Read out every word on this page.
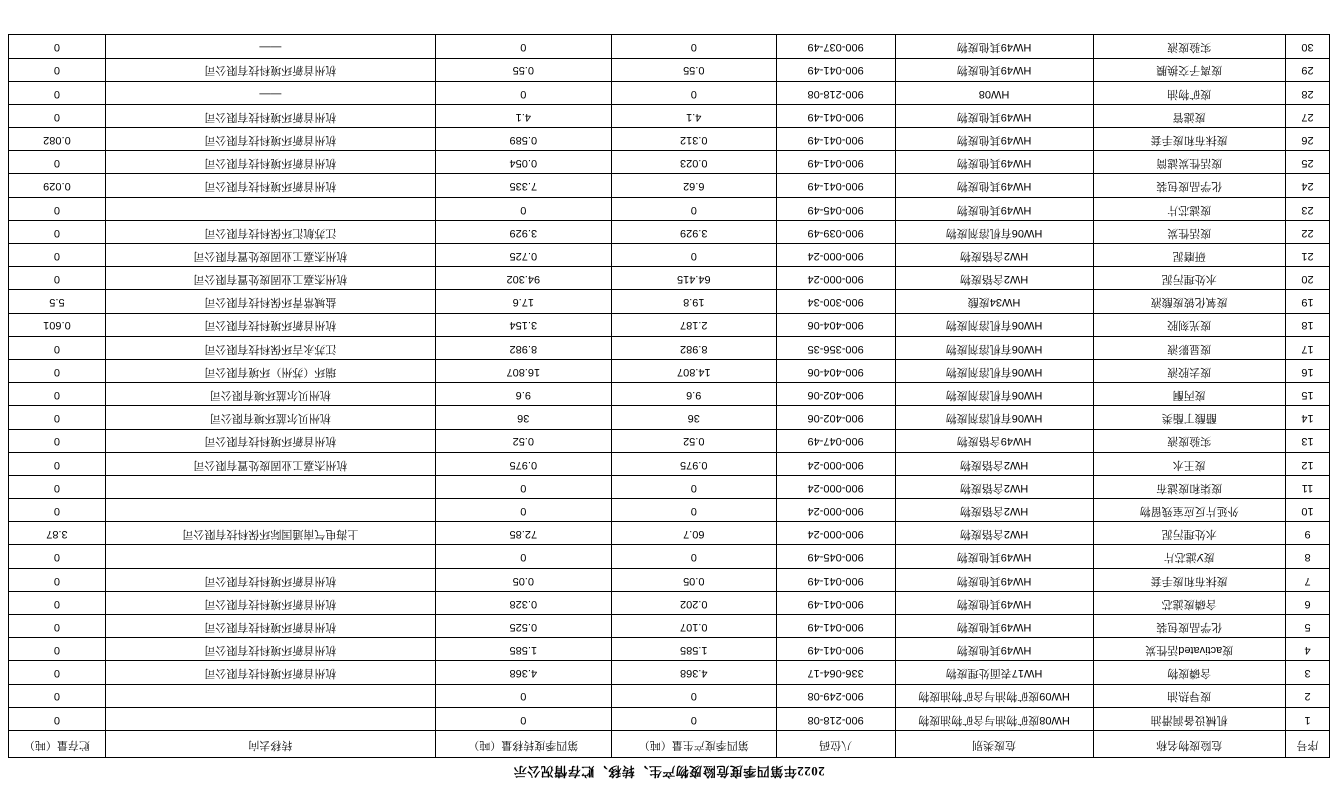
2022年第四季度危险废物产生、转移、贮存情况公示
序号	危险废物名称	危废类别	八位码	第四季度产生量（吨）	第四季度转移量（吨）	转移去向	贮存量（吨）
1	机械设备润滑油	HW08废矿物油与含矿物油废物	900-218-08	0	0		0
2	废导热油	HW09废矿物油与含矿物油废物	900-249-08	0	0		0
3	含磷废物	HW17表面处理废物	336-064-17	4.368	4.368	杭州首新环境科技有限公司	0
4	废activated活性炭	HW49其他废物	900-041-49	1.585	1.585	杭州首新环境科技有限公司	0
5	化学品废包装	HW49其他废物	900-041-49	0.107	0.525	杭州首新环境科技有限公司	0
6	含磷废滤芯	HW49其他废物	900-041-49	0.202	0.328	杭州首新环境科技有限公司	0
7	废抹布和废手套	HW49其他废物	900-041-49	0.05	0.05	杭州首新环境科技有限公司	0
8	废У滤芯片	HW49其他废物	900-045-49	0	0		0
9	水处理污泥	HW2含铬废物	900-000-24	60.7	72.85	上海电气南通国际环保科技有限公司	3.87
10	外延片反应室残留物	HW2含铬废物	900-000-24	0	0		0
11	废柒和废滤布	HW2含铬废物	900-000-24	0	0		0
12	废王水	HW2含铬废物	900-000-24	0.975	0.975	杭州杰嘉工业固废处置有限公司	0
13	实验废液	HW49含铬废物	900-047-49	0.52	0.52	杭州首新环境科技有限公司	0
14	醋酸丁酯类	HW06有机溶剂废物	900-402-06	36	36	杭州贝尔蓝环境有限公司	0
15	废丙酮	HW06有机溶剂废物	900-402-06	9.6	9.6	杭州贝尔蓝环境有限公司	0
16	废去胶液	HW06有机溶剂废物	900-404-06	14.807	16.807	瑞环（苏州）环境有限公司	0
17	废显影液	HW06有机溶剂废物	900-356-35	8.982	8.982	江苏永吉环保科技有限公司	0
18	废光刻胶	HW06有机溶剂废物	900-404-06	2.187	3.154	杭州首新环境科技有限公司	0.601
19	废氧化铍废酸液	HW34废酸	900-300-34	19.8	17.6	盐城常青环保科技有限公司	5.5
20	水处理污泥	HW2含铬废物	900-000-24	64.415	94.302	杭州杰嘉工业固废处置有限公司	0
21	研磨泥	HW2含铬废物	900-000-24	0	0.725	杭州杰嘉工业固废处置有限公司	0
22	废活性炭	HW06有机溶剂废物	900-039-49	3.929	3.929	江苏航汇环保科技有限公司	0
23	废滤芯片	HW49其他废物	900-045-49	0	0		0
24	化学品废包装	HW49其他废物	900-041-49	6.62	7.335	杭州首新环境科技有限公司	0.029
25	废活性炭滤筒	HW49其他废物	900-041-49	0.023	0.054	杭州首新环境科技有限公司	0
26	废抹布和废手套	HW49其他废物	900-041-49	0.312	0.589	杭州首新环境科技有限公司	0.082
27	废滤管	HW49其他废物	900-041-49	4.1	4.1	杭州首新环境科技有限公司	0
28	废矿物油	HW08	900-218-08	0	0	——	0
29	废离子交换膜	HW49其他废物	900-041-49	0.55	0.55	杭州首新环境科技有限公司	0
30	实验废液	HW49其他废物	900-037-49	0	0	——	0
